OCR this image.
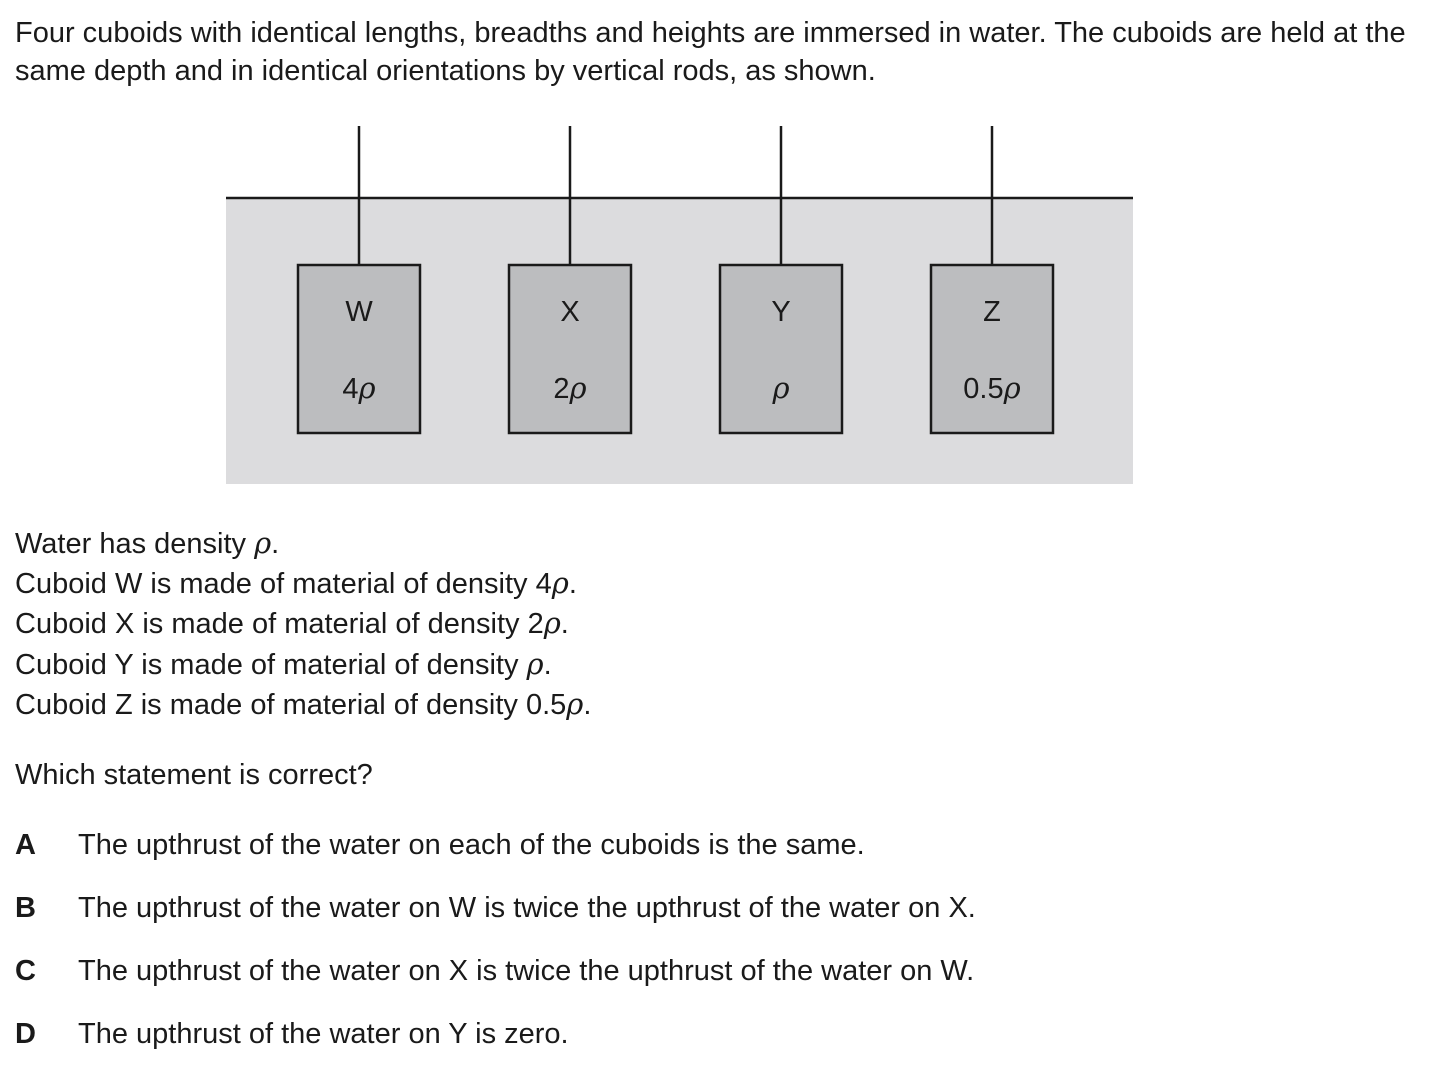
Four cuboids with identical lengths, breadths and heights are immersed in water. The cuboids are held at the same depth and in identical orientations by vertical rods, as shown.

W
4ρ
X
2ρ
Y
ρ
Z
0.5ρ
Water has density ρ.
Cuboid W is made of material of density 4ρ.
Cuboid X is made of material of density 2ρ.
Cuboid Y is made of material of density ρ.
Cuboid Z is made of material of density 0.5ρ.

Which statement is correct?

A The upthrust of the water on each of the cuboids is the same.
B The upthrust of the water on W is twice the upthrust of the water on X.
C The upthrust of the water on X is twice the upthrust of the water on W.
D The upthrust of the water on Y is zero.
